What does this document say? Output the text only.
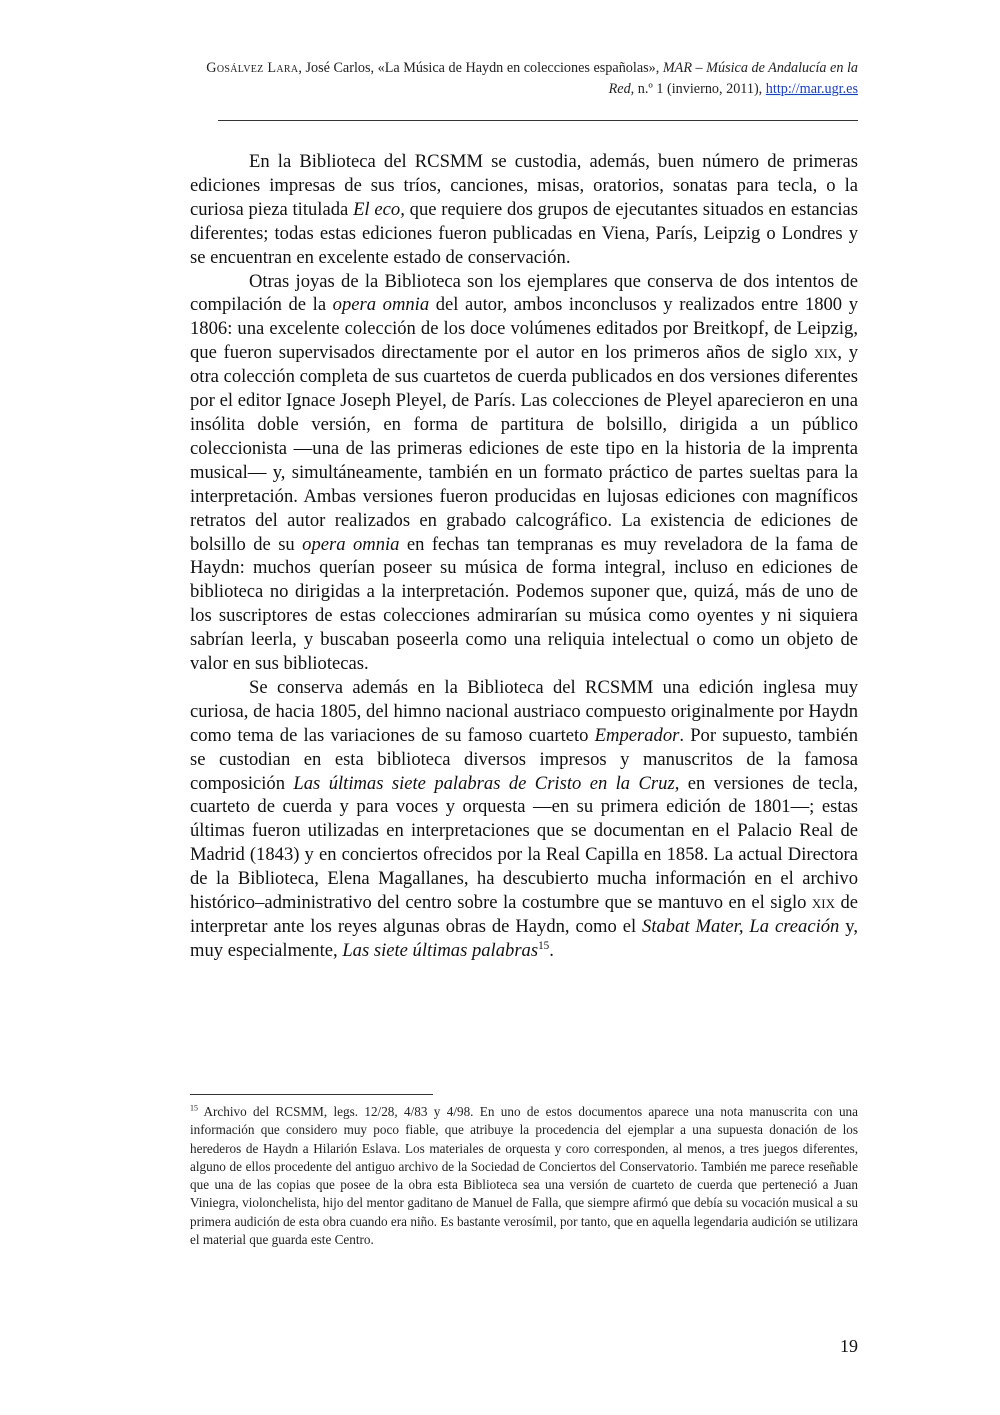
Gosálvez Lara, José Carlos, «La Música de Haydn en colecciones españolas», MAR – Música de Andalucía en la Red, n.º 1 (invierno, 2011), http://mar.ugr.es

En la Biblioteca del RCSMM se custodia, además, buen número de primeras ediciones impresas de sus tríos, canciones, misas, oratorios, sonatas para tecla, o la curiosa pieza titulada El eco, que requiere dos grupos de ejecutantes situados en estancias diferentes; todas estas ediciones fueron publicadas en Viena, París, Leipzig o Londres y se encuentran en excelente estado de conservación.

Otras joyas de la Biblioteca son los ejemplares que conserva de dos intentos de compilación de la opera omnia del autor, ambos inconclusos y realizados entre 1800 y 1806: una excelente colección de los doce volúmenes editados por Breitkopf, de Leipzig, que fueron supervisados directamente por el autor en los primeros años de siglo xix, y otra colección completa de sus cuartetos de cuerda publicados en dos versiones diferentes por el editor Ignace Joseph Pleyel, de París. Las colecciones de Pleyel aparecieron en una insólita doble versión, en forma de partitura de bolsillo, dirigida a un público coleccionista —una de las primeras ediciones de este tipo en la historia de la imprenta musical— y, simultáneamente, también en un formato práctico de partes sueltas para la interpretación. Ambas versiones fueron producidas en lujosas ediciones con magníficos retratos del autor realizados en grabado calcográfico. La existencia de ediciones de bolsillo de su opera omnia en fechas tan tempranas es muy reveladora de la fama de Haydn: muchos querían poseer su música de forma integral, incluso en ediciones de biblioteca no dirigidas a la interpretación. Podemos suponer que, quizá, más de uno de los suscriptores de estas colecciones admirarían su música como oyentes y ni siquiera sabrían leerla, y buscaban poseerla como una reliquia intelectual o como un objeto de valor en sus bibliotecas.

Se conserva además en la Biblioteca del RCSMM una edición inglesa muy curiosa, de hacia 1805, del himno nacional austriaco compuesto originalmente por Haydn como tema de las variaciones de su famoso cuarteto Emperador. Por supuesto, también se custodian en esta biblioteca diversos impresos y manuscritos de la famosa composición Las últimas siete palabras de Cristo en la Cruz, en versiones de tecla, cuarteto de cuerda y para voces y orquesta —en su primera edición de 1801—; estas últimas fueron utilizadas en interpretaciones que se documentan en el Palacio Real de Madrid (1843) y en conciertos ofrecidos por la Real Capilla en 1858. La actual Directora de la Biblioteca, Elena Magallanes, ha descubierto mucha información en el archivo histórico–administrativo del centro sobre la costumbre que se mantuvo en el siglo xix de interpretar ante los reyes algunas obras de Haydn, como el Stabat Mater, La creación y, muy especialmente, Las siete últimas palabras$^{15}$.

$^{15}$ Archivo del RCSMM, legs. 12/28, 4/83 y 4/98. En uno de estos documentos aparece una nota manuscrita con una información que considero muy poco fiable, que atribuye la procedencia del ejemplar a una supuesta donación de los herederos de Haydn a Hilarión Eslava. Los materiales de orquesta y coro corresponden, al menos, a tres juegos diferentes, alguno de ellos procedente del antiguo archivo de la Sociedad de Conciertos del Conservatorio. También me parece reseñable que una de las copias que posee de la obra esta Biblioteca sea una versión de cuarteto de cuerda que perteneció a Juan Viniegra, violonchelista, hijo del mentor gaditano de Manuel de Falla, que siempre afirmó que debía su vocación musical a su primera audición de esta obra cuando era niño. Es bastante verosímil, por tanto, que en aquella legendaria audición se utilizara el material que guarda este Centro.

19
